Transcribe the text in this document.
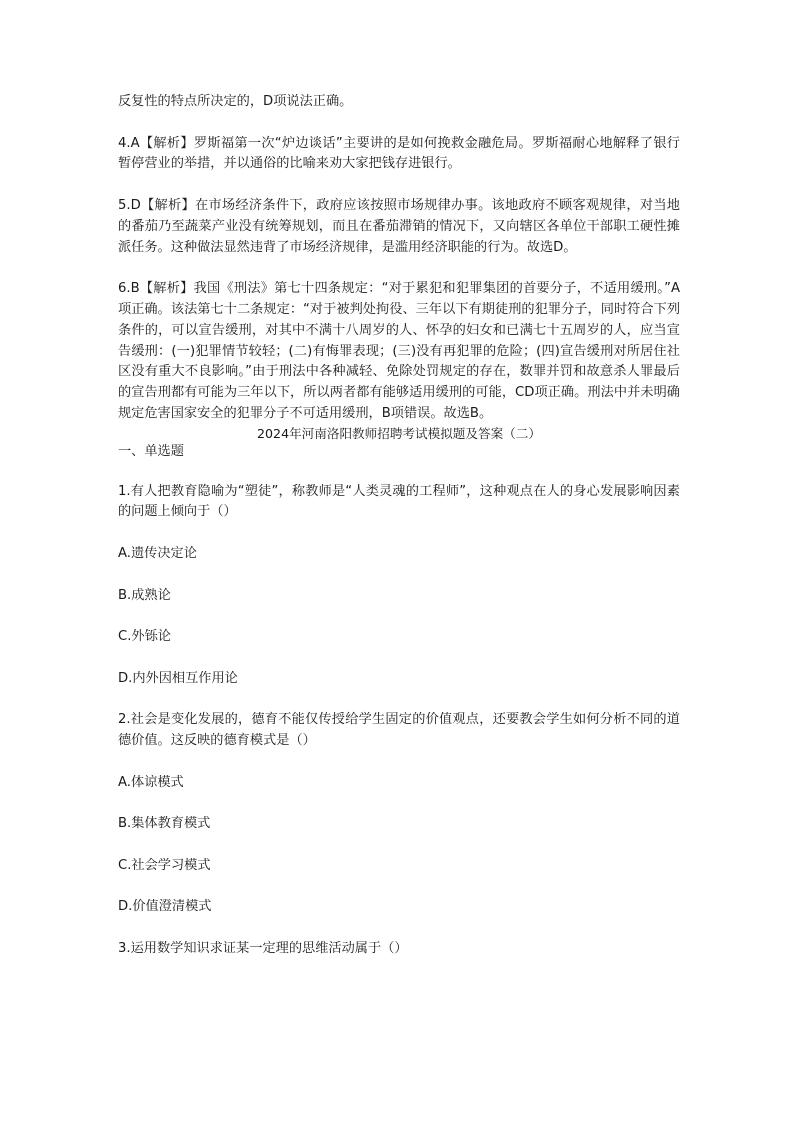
反复性的特点所决定的，D项说法正确。

4.A【解析】罗斯福第一次“炉边谈话”主要讲的是如何挽救金融危局。罗斯福耐心地解释了银行暂停营业的举措，并以通俗的比喻来劝大家把钱存进银行。

5.D【解析】在市场经济条件下，政府应该按照市场规律办事。该地政府不顾客观规律，对当地的番茄乃至蔬菜产业没有统筹规划，而且在番茄滞销的情况下，又向辖区各单位干部职工硬性摊派任务。这种做法显然违背了市场经济规律，是滥用经济职能的行为。故选D。

6.B【解析】我国《刑法》第七十四条规定：“对于累犯和犯罪集团的首要分子，不适用缓刑。”A项正确。该法第七十二条规定：“对于被判处拘役、三年以下有期徒刑的犯罪分子，同时符合下列条件的，可以宣告缓刑，对其中不满十八周岁的人、怀孕的妇女和已满七十五周岁的人，应当宣告缓刑：(一)犯罪情节较轻；(二)有悔罪表现；(三)没有再犯罪的危险；(四)宣告缓刑对所居住社区没有重大不良影响。”由于刑法中各种减轻、免除处罚规定的存在，数罪并罚和故意杀人罪最后的宣告刑都有可能为三年以下，所以两者都有能够适用缓刑的可能，CD项正确。刑法中并未明确规定危害国家安全的犯罪分子不可适用缓刑，B项错误。故选B。

2024年河南洛阳教师招聘考试模拟题及答案（二）

一、单选题

1.有人把教育隐喻为“塑徒”，称教师是“人类灵魂的工程师”，这种观点在人的身心发展影响因素的问题上倾向于（）

A.遗传决定论

B.成熟论

C.外铄论

D.内外因相互作用论

2.社会是变化发展的，德育不能仅传授给学生固定的价值观点，还要教会学生如何分析不同的道德价值。这反映的德育模式是（）

A.体谅模式

B.集体教育模式

C.社会学习模式

D.价值澄清模式

3.运用数学知识求证某一定理的思维活动属于（）
